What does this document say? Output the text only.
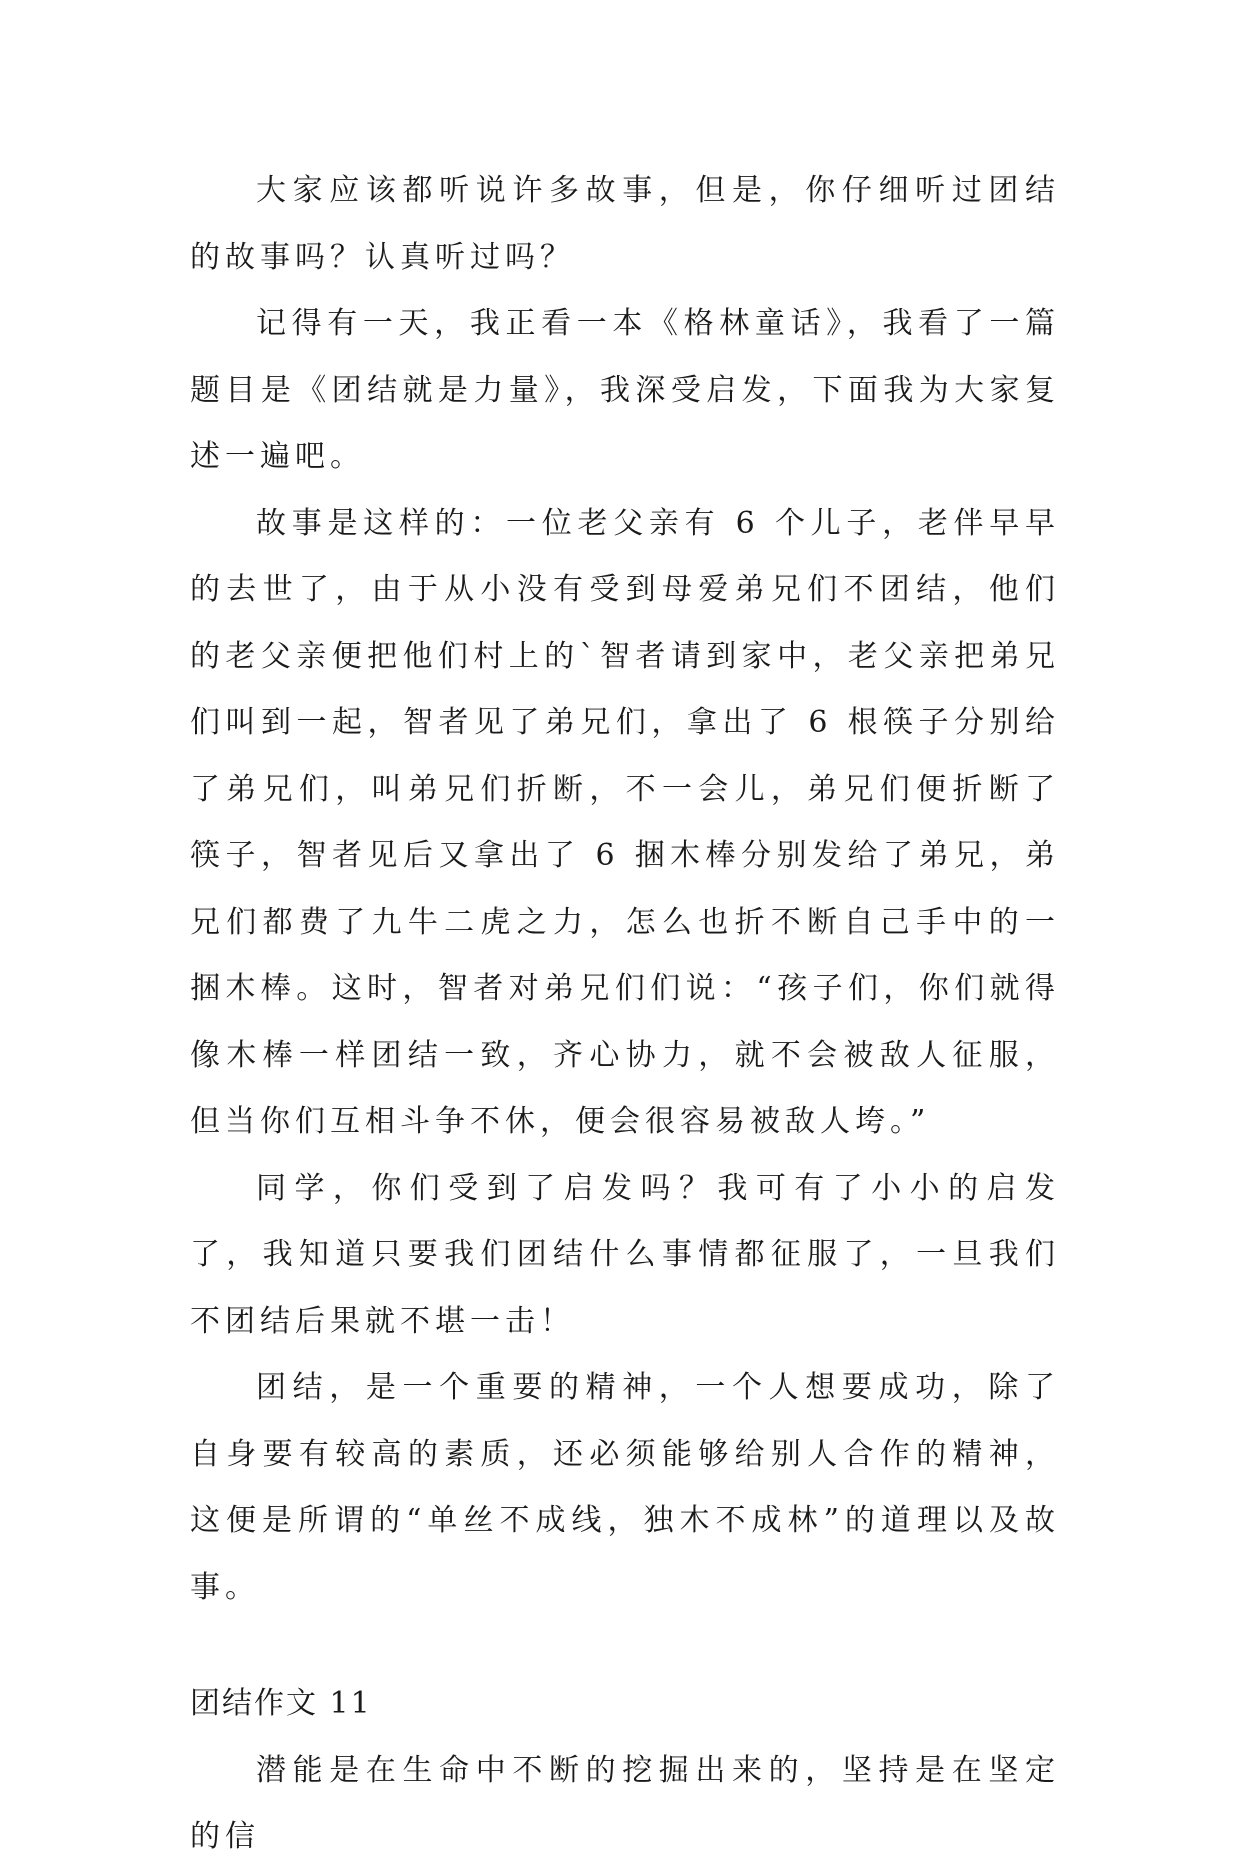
大家应该都听说许多故事，但是，你仔细听过团结的故事吗？认真听过吗？

记得有一天，我正看一本《格林童话》，我看了一篇题目是《团结就是力量》，我深受启发，下面我为大家复述一遍吧。

故事是这样的：一位老父亲有 6 个儿子，老伴早早的去世了，由于从小没有受到母爱弟兄们不团结，他们的老父亲便把他们村上的`智者请到家中，老父亲把弟兄们叫到一起，智者见了弟兄们，拿出了 6 根筷子分别给了弟兄们，叫弟兄们折断，不一会儿，弟兄们便折断了筷子，智者见后又拿出了 6 捆木棒分别发给了弟兄，弟兄们都费了九牛二虎之力，怎么也折不断自己手中的一捆木棒。这时，智者对弟兄们们说：“孩子们，你们就得像木棒一样团结一致，齐心协力，就不会被敌人征服，但当你们互相斗争不休，便会很容易被敌人垮。”

同学，你们受到了启发吗？我可有了小小的启发了，我知道只要我们团结什么事情都征服了，一旦我们不团结后果就不堪一击！

团结，是一个重要的精神，一个人想要成功，除了自身要有较高的素质，还必须能够给别人合作的精神，这便是所谓的“单丝不成线，独木不成林”的道理以及故事。

团结作文 11

潜能是在生命中不断的挖掘出来的，坚持是在坚定的信
